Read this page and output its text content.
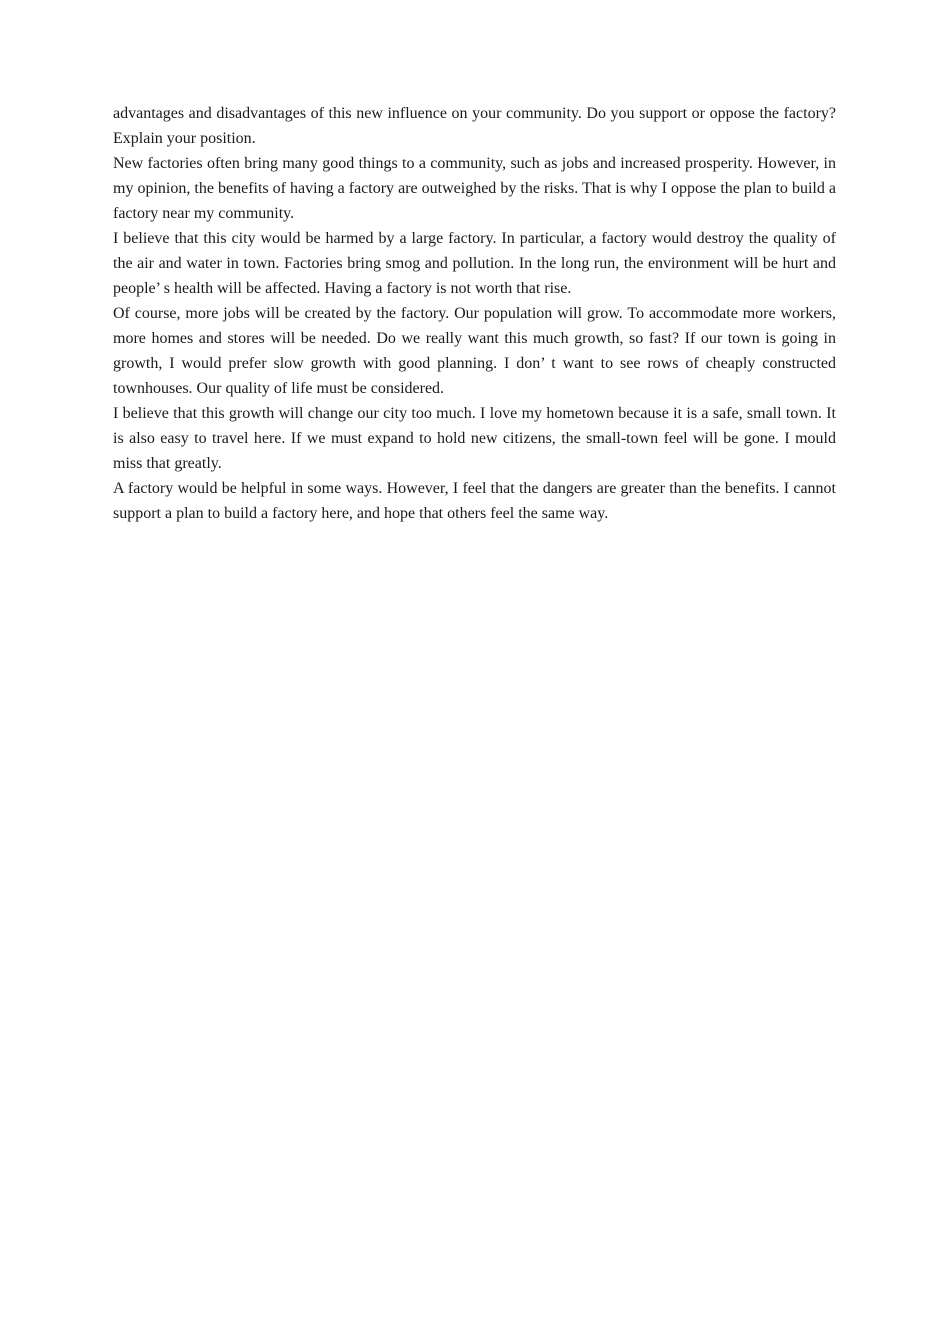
advantages and disadvantages of this new influence on your community. Do you support or oppose the factory? Explain your position.

New factories often bring many good things to a community, such as jobs and increased prosperity. However, in my opinion, the benefits of having a factory are outweighed by the risks. That is why I oppose the plan to build a factory near my community.

I believe that this city would be harmed by a large factory. In particular, a factory would destroy the quality of the air and water in town. Factories bring smog and pollution. In the long run, the environment will be hurt and people’ s health will be affected. Having a factory is not worth that rise.

Of course, more jobs will be created by the factory. Our population will grow. To accommodate more workers, more homes and stores will be needed. Do we really want this much growth, so fast? If our town is going in growth, I would prefer slow growth with good planning. I don’ t want to see rows of cheaply constructed townhouses. Our quality of life must be considered.

I believe that this growth will change our city too much. I love my hometown because it is a safe, small town. It is also easy to travel here. If we must expand to hold new citizens, the small-town feel will be gone. I mould miss that greatly.

A factory would be helpful in some ways. However, I feel that the dangers are greater than the benefits. I cannot support a plan to build a factory here, and hope that others feel the same way.
